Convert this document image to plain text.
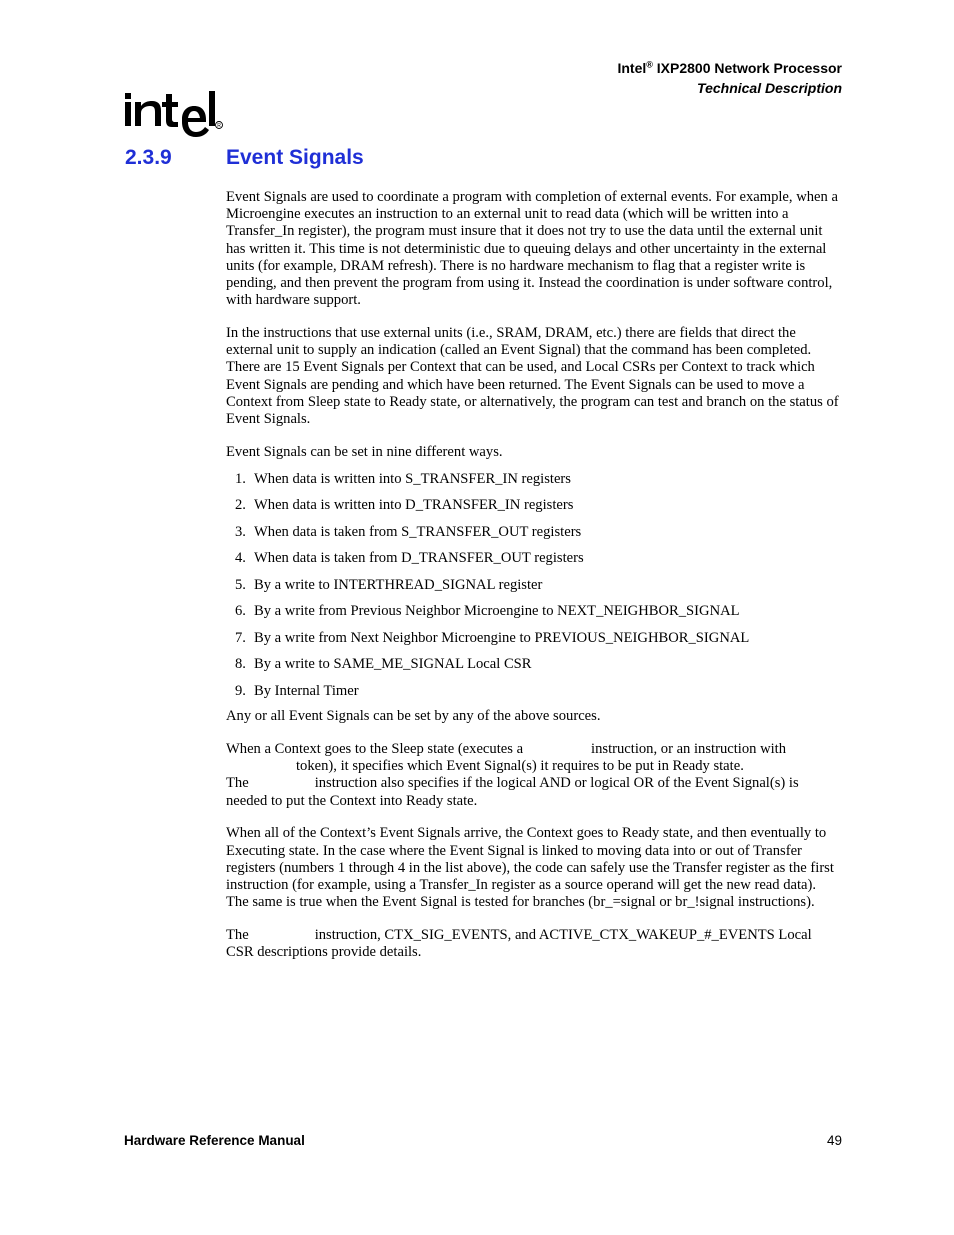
Intel® IXP2800 Network Processor
Technical Description
R
2.3.9	Event Signals

Event Signals are used to coordinate a program with completion of external events. For example, when a Microengine executes an instruction to an external unit to read data (which will be written into a Transfer_In register), the program must insure that it does not try to use the data until the external unit has written it. This time is not deterministic due to queuing delays and other uncertainty in the external units (for example, DRAM refresh). There is no hardware mechanism to flag that a register write is pending, and then prevent the program from using it. Instead the coordination is under software control, with hardware support.

In the instructions that use external units (i.e., SRAM, DRAM, etc.) there are fields that direct the external unit to supply an indication (called an Event Signal) that the command has been completed. There are 15 Event Signals per Context that can be used, and Local CSRs per Context to track which Event Signals are pending and which have been returned. The Event Signals can be used to move a Context from Sleep state to Ready state, or alternatively, the program can test and branch on the status of Event Signals.

Event Signals can be set in nine different ways.

1. When data is written into S_TRANSFER_IN registers
2. When data is written into D_TRANSFER_IN registers
3. When data is taken from S_TRANSFER_OUT registers
4. When data is taken from D_TRANSFER_OUT registers
5. By a write to INTERTHREAD_SIGNAL register
6. By a write from Previous Neighbor Microengine to NEXT_NEIGHBOR_SIGNAL
7. By a write from Next Neighbor Microengine to PREVIOUS_NEIGHBOR_SIGNAL
8. By a write to SAME_ME_SIGNAL Local CSR
9. By Internal Timer

Any or all Event Signals can be set by any of the above sources.

When a Context goes to the Sleep state (executes a	instruction, or an instruction with
token), it specifies which Event Signal(s) it requires to be put in Ready state.
The	instruction also specifies if the logical AND or logical OR of the Event Signal(s) is needed to put the Context into Ready state.

When all of the Context’s Event Signals arrive, the Context goes to Ready state, and then eventually to Executing state. In the case where the Event Signal is linked to moving data into or out of Transfer registers (numbers 1 through 4 in the list above), the code can safely use the Transfer register as the first instruction (for example, using a Transfer_In register as a source operand will get the new read data). The same is true when the Event Signal is tested for branches (br_=signal or br_!signal instructions).

The	instruction, CTX_SIG_EVENTS, and ACTIVE_CTX_WAKEUP_#_EVENTS Local CSR descriptions provide details.

Hardware Reference Manual	49
